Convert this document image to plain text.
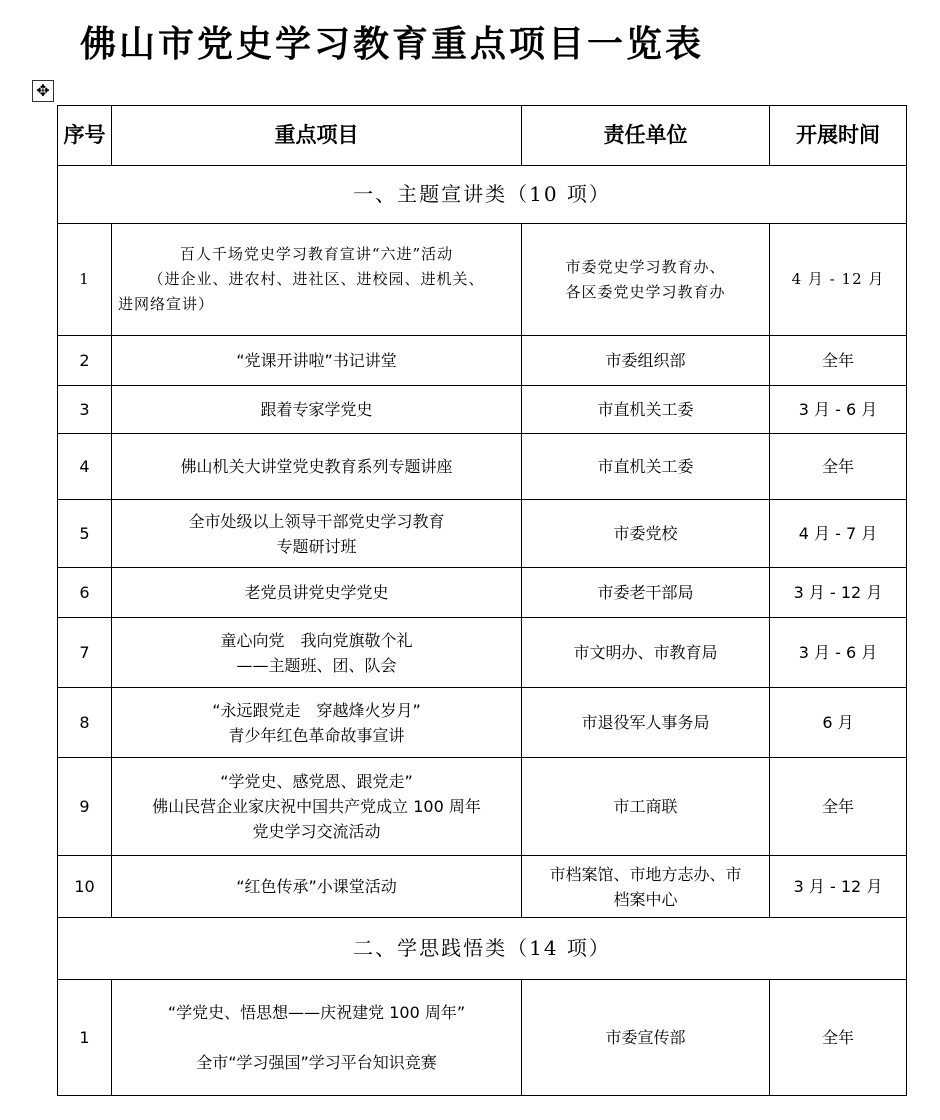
佛山市党史学习教育重点项目一览表
✥
序号	重点项目	责任单位	开展时间
一、主题宣讲类（10 项）			
1	百人千场党史学习教育宣讲“六进”活动
（进企业、进农村、进社区、进校园、进机关、
进网络宣讲）	市委党史学习教育办、
各区委党史学习教育办	4 月 - 12 月
2	“党课开讲啦”书记讲堂	市委组织部	全年
3	跟着专家学党史	市直机关工委	3 月 - 6 月
4	佛山机关大讲堂党史教育系列专题讲座	市直机关工委	全年
5	全市处级以上领导干部党史学习教育
专题研讨班	市委党校	4 月 - 7 月
6	老党员讲党史学党史	市委老干部局	3 月 - 12 月
7	童心向党　我向党旗敬个礼
——主题班、团、队会	市文明办、市教育局	3 月 - 6 月
8	“永远跟党走　穿越烽火岁月”
青少年红色革命故事宣讲	市退役军人事务局	6 月
9	“学党史、感党恩、跟党走”
佛山民营企业家庆祝中国共产党成立 100 周年
党史学习交流活动	市工商联	全年
10	“红色传承”小课堂活动	市档案馆、市地方志办、市
档案中心	3 月 - 12 月
二、学思践悟类（14 项）			
1	“学党史、悟思想——庆祝建党 100 周年”
全市“学习强国”学习平台知识竞赛	市委宣传部	全年
